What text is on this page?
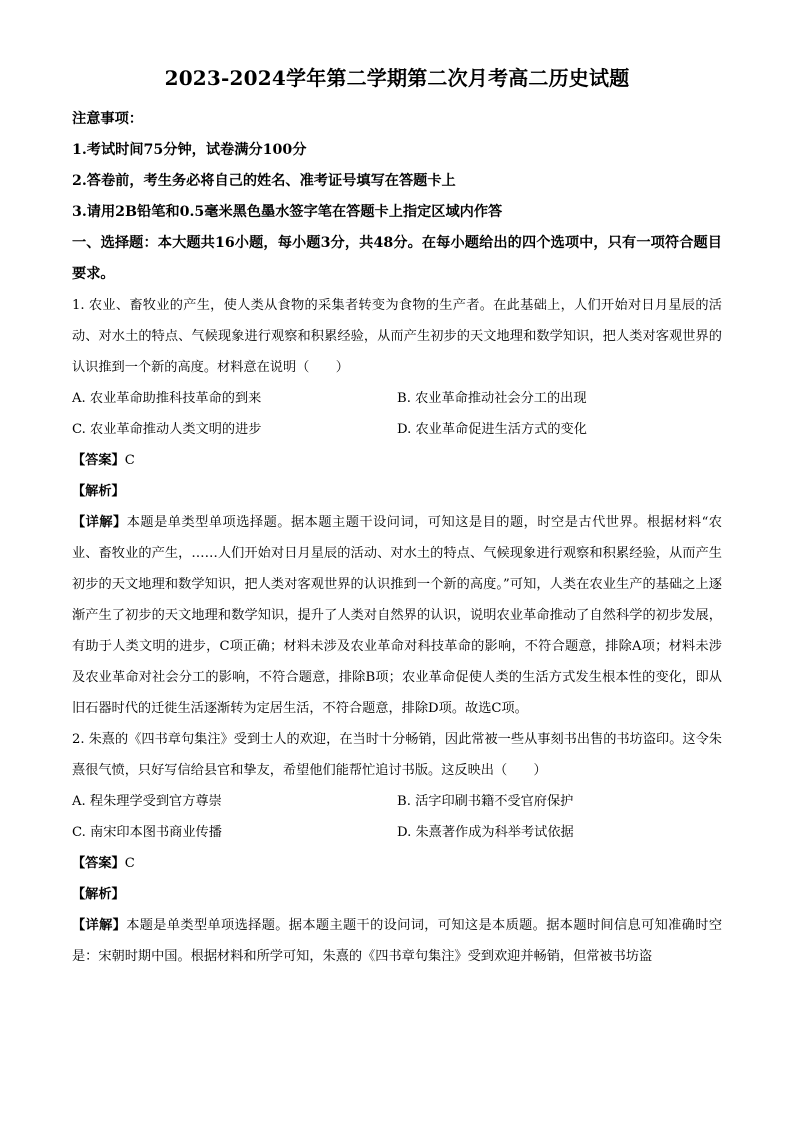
2023-2024学年第二学期第二次月考高二历史试题

注意事项：

1.考试时间75分钟，试卷满分100分

2.答卷前，考生务必将自己的姓名、准考证号填写在答题卡上

3.请用2B铅笔和0.5毫米黑色墨水签字笔在答题卡上指定区域内作答

一、选择题：本大题共16小题，每小题3分，共48分。在每小题给出的四个选项中，只有一项符合题目要求。

1. 农业、畜牧业的产生，使人类从食物的采集者转变为食物的生产者。在此基础上，人们开始对日月星辰的活动、对水土的特点、气候现象进行观察和积累经验，从而产生初步的天文地理和数学知识，把人类对客观世界的认识推到一个新的高度。材料意在说明（　　）

A. 农业革命助推科技革命的到来	B. 农业革命推动社会分工的出现
C. 农业革命推动人类文明的进步	D. 农业革命促进生活方式的变化

【答案】C

【解析】

【详解】本题是单类型单项选择题。据本题主题干设问词，可知这是目的题，时空是古代世界。根据材料“农业、畜牧业的产生，……人们开始对日月星辰的活动、对水土的特点、气候现象进行观察和积累经验，从而产生初步的天文地理和数学知识，把人类对客观世界的认识推到一个新的高度。”可知，人类在农业生产的基础之上逐渐产生了初步的天文地理和数学知识，提升了人类对自然界的认识，说明农业革命推动了自然科学的初步发展，有助于人类文明的进步，C项正确；材料未涉及农业革命对科技革命的影响，不符合题意，排除A项；材料未涉及农业革命对社会分工的影响，不符合题意，排除B项；农业革命促使人类的生活方式发生根本性的变化，即从旧石器时代的迁徙生活逐渐转为定居生活，不符合题意，排除D项。故选C项。

2. 朱熹的《四书章句集注》受到士人的欢迎，在当时十分畅销，因此常被一些从事刻书出售的书坊盗印。这令朱熹很气愤，只好写信给县官和挚友，希望他们能帮忙追讨书版。这反映出（　　）

A. 程朱理学受到官方尊崇	B. 活字印刷书籍不受官府保护
C. 南宋印本图书商业传播	D. 朱熹著作成为科举考试依据

【答案】C

【解析】

【详解】本题是单类型单项选择题。据本题主题干的设问词，可知这是本质题。据本题时间信息可知准确时空是：宋朝时期中国。根据材料和所学可知，朱熹的《四书章句集注》受到欢迎并畅销，但常被书坊盗
